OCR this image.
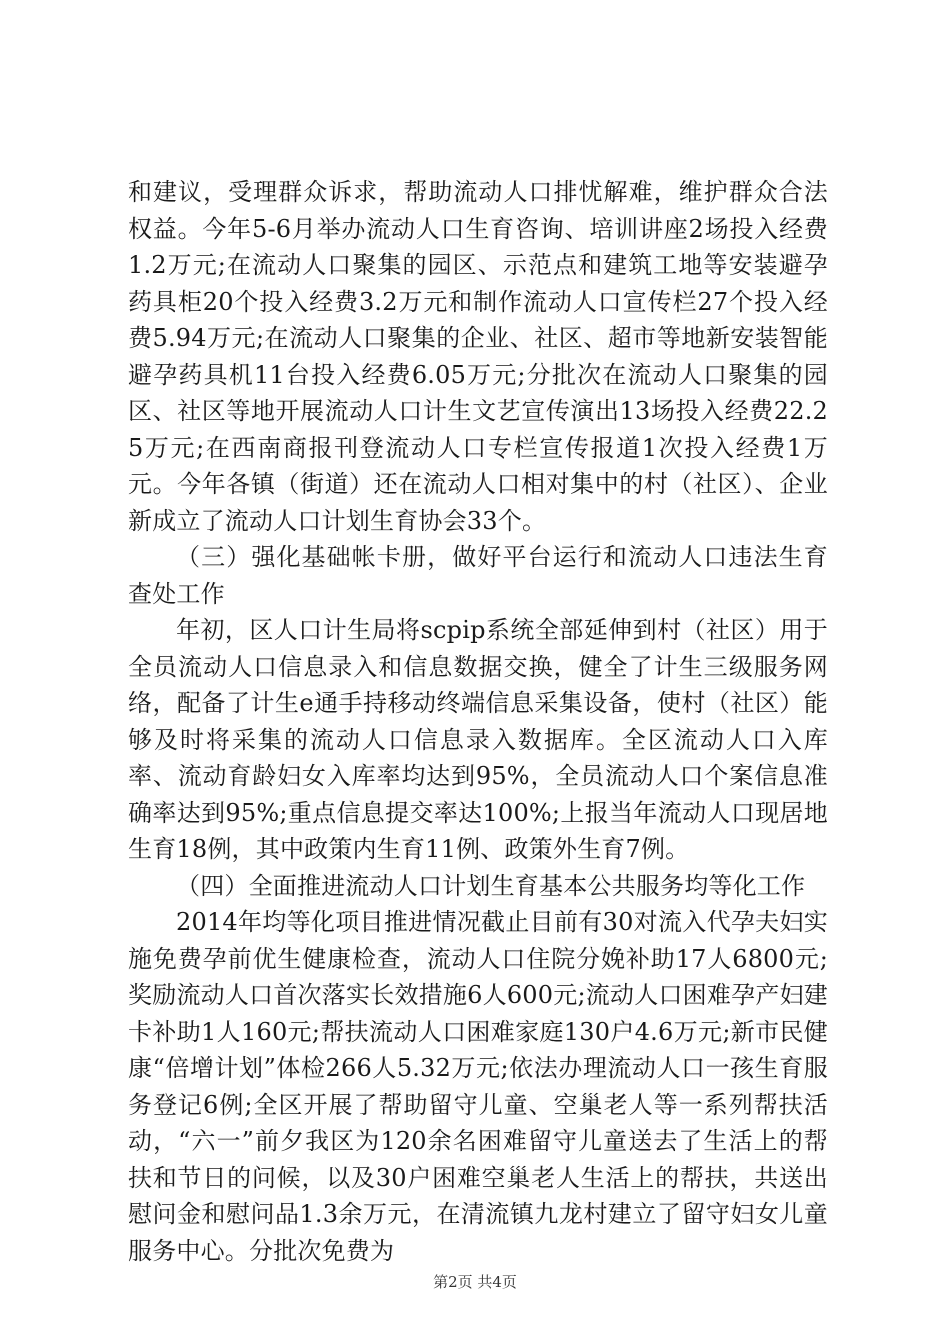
和建议，受理群众诉求，帮助流动人口排忧解难，维护群众合法权益。今年5-6月举办流动人口生育咨询、培训讲座2场投入经费1.2万元;在流动人口聚集的园区、示范点和建筑工地等安装避孕药具柜20个投入经费3.2万元和制作流动人口宣传栏27个投入经费5.94万元;在流动人口聚集的企业、社区、超市等地新安装智能避孕药具机11台投入经费6.05万元;分批次在流动人口聚集的园区、社区等地开展流动人口计生文艺宣传演出13场投入经费22.25万元;在西南商报刊登流动人口专栏宣传报道1次投入经费1万元。今年各镇（街道）还在流动人口相对集中的村（社区）、企业新成立了流动人口计划生育协会33个。

（三）强化基础帐卡册，做好平台运行和流动人口违法生育查处工作

年初，区人口计生局将scpip系统全部延伸到村（社区）用于全员流动人口信息录入和信息数据交换，健全了计生三级服务网络，配备了计生e通手持移动终端信息采集设备，使村（社区）能够及时将采集的流动人口信息录入数据库。全区流动人口入库率、流动育龄妇女入库率均达到95%，全员流动人口个案信息准确率达到95%;重点信息提交率达100%;上报当年流动人口现居地生育18例，其中政策内生育11例、政策外生育7例。

（四）全面推进流动人口计划生育基本公共服务均等化工作

2014年均等化项目推进情况截止目前有30对流入代孕夫妇实施免费孕前优生健康检查，流动人口住院分娩补助17人6800元;奖励流动人口首次落实长效措施6人600元;流动人口困难孕产妇建卡补助1人160元;帮扶流动人口困难家庭130户4.6万元;新市民健康“倍增计划”体检266人5.32万元;依法办理流动人口一孩生育服务登记6例;全区开展了帮助留守儿童、空巢老人等一系列帮扶活动，“六一”前夕我区为120余名困难留守儿童送去了生活上的帮扶和节日的问候，以及30户困难空巢老人生活上的帮扶，共送出慰问金和慰问品1.3余万元，在清流镇九龙村建立了留守妇女儿童服务中心。分批次免费为

第2页 共4页
